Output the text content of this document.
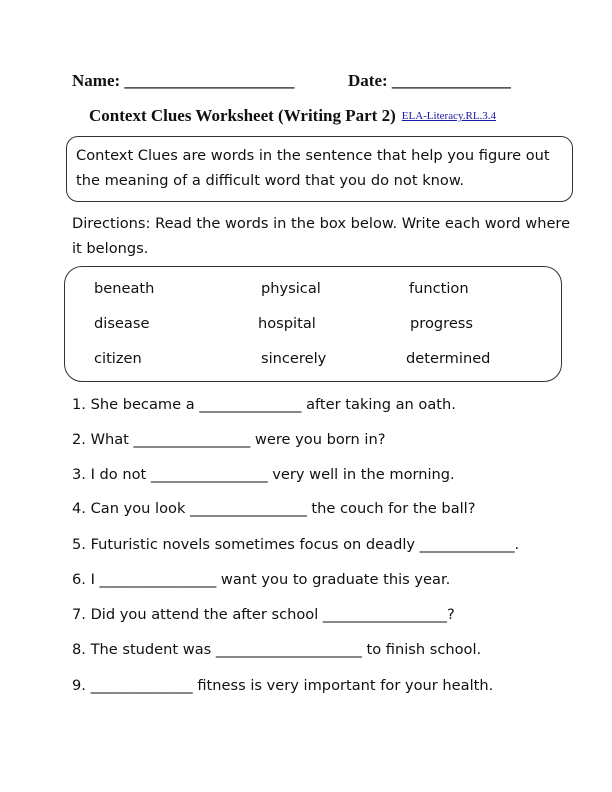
Name: ____________________	Date: ______________
Context Clues Worksheet (Writing Part 2) ELA-Literacy.RL.3.4
Context Clues are words in the sentence that help you figure out the meaning of a difficult word that you do not know.
Directions: Read the words in the box below. Write each word where it belongs.
beneath	physical	function
disease	hospital	progress
citizen	sincerely	determined
1. She became a ______________ after taking an oath.
2. What ________________ were you born in?
3. I do not ________________ very well in the morning.
4. Can you look ________________ the couch for the ball?
5. Futuristic novels sometimes focus on deadly _____________.
6. I ________________ want you to graduate this year.
7. Did you attend the after school _________________?
8. The student was ____________________ to finish school.
9. ______________ fitness is very important for your health.
